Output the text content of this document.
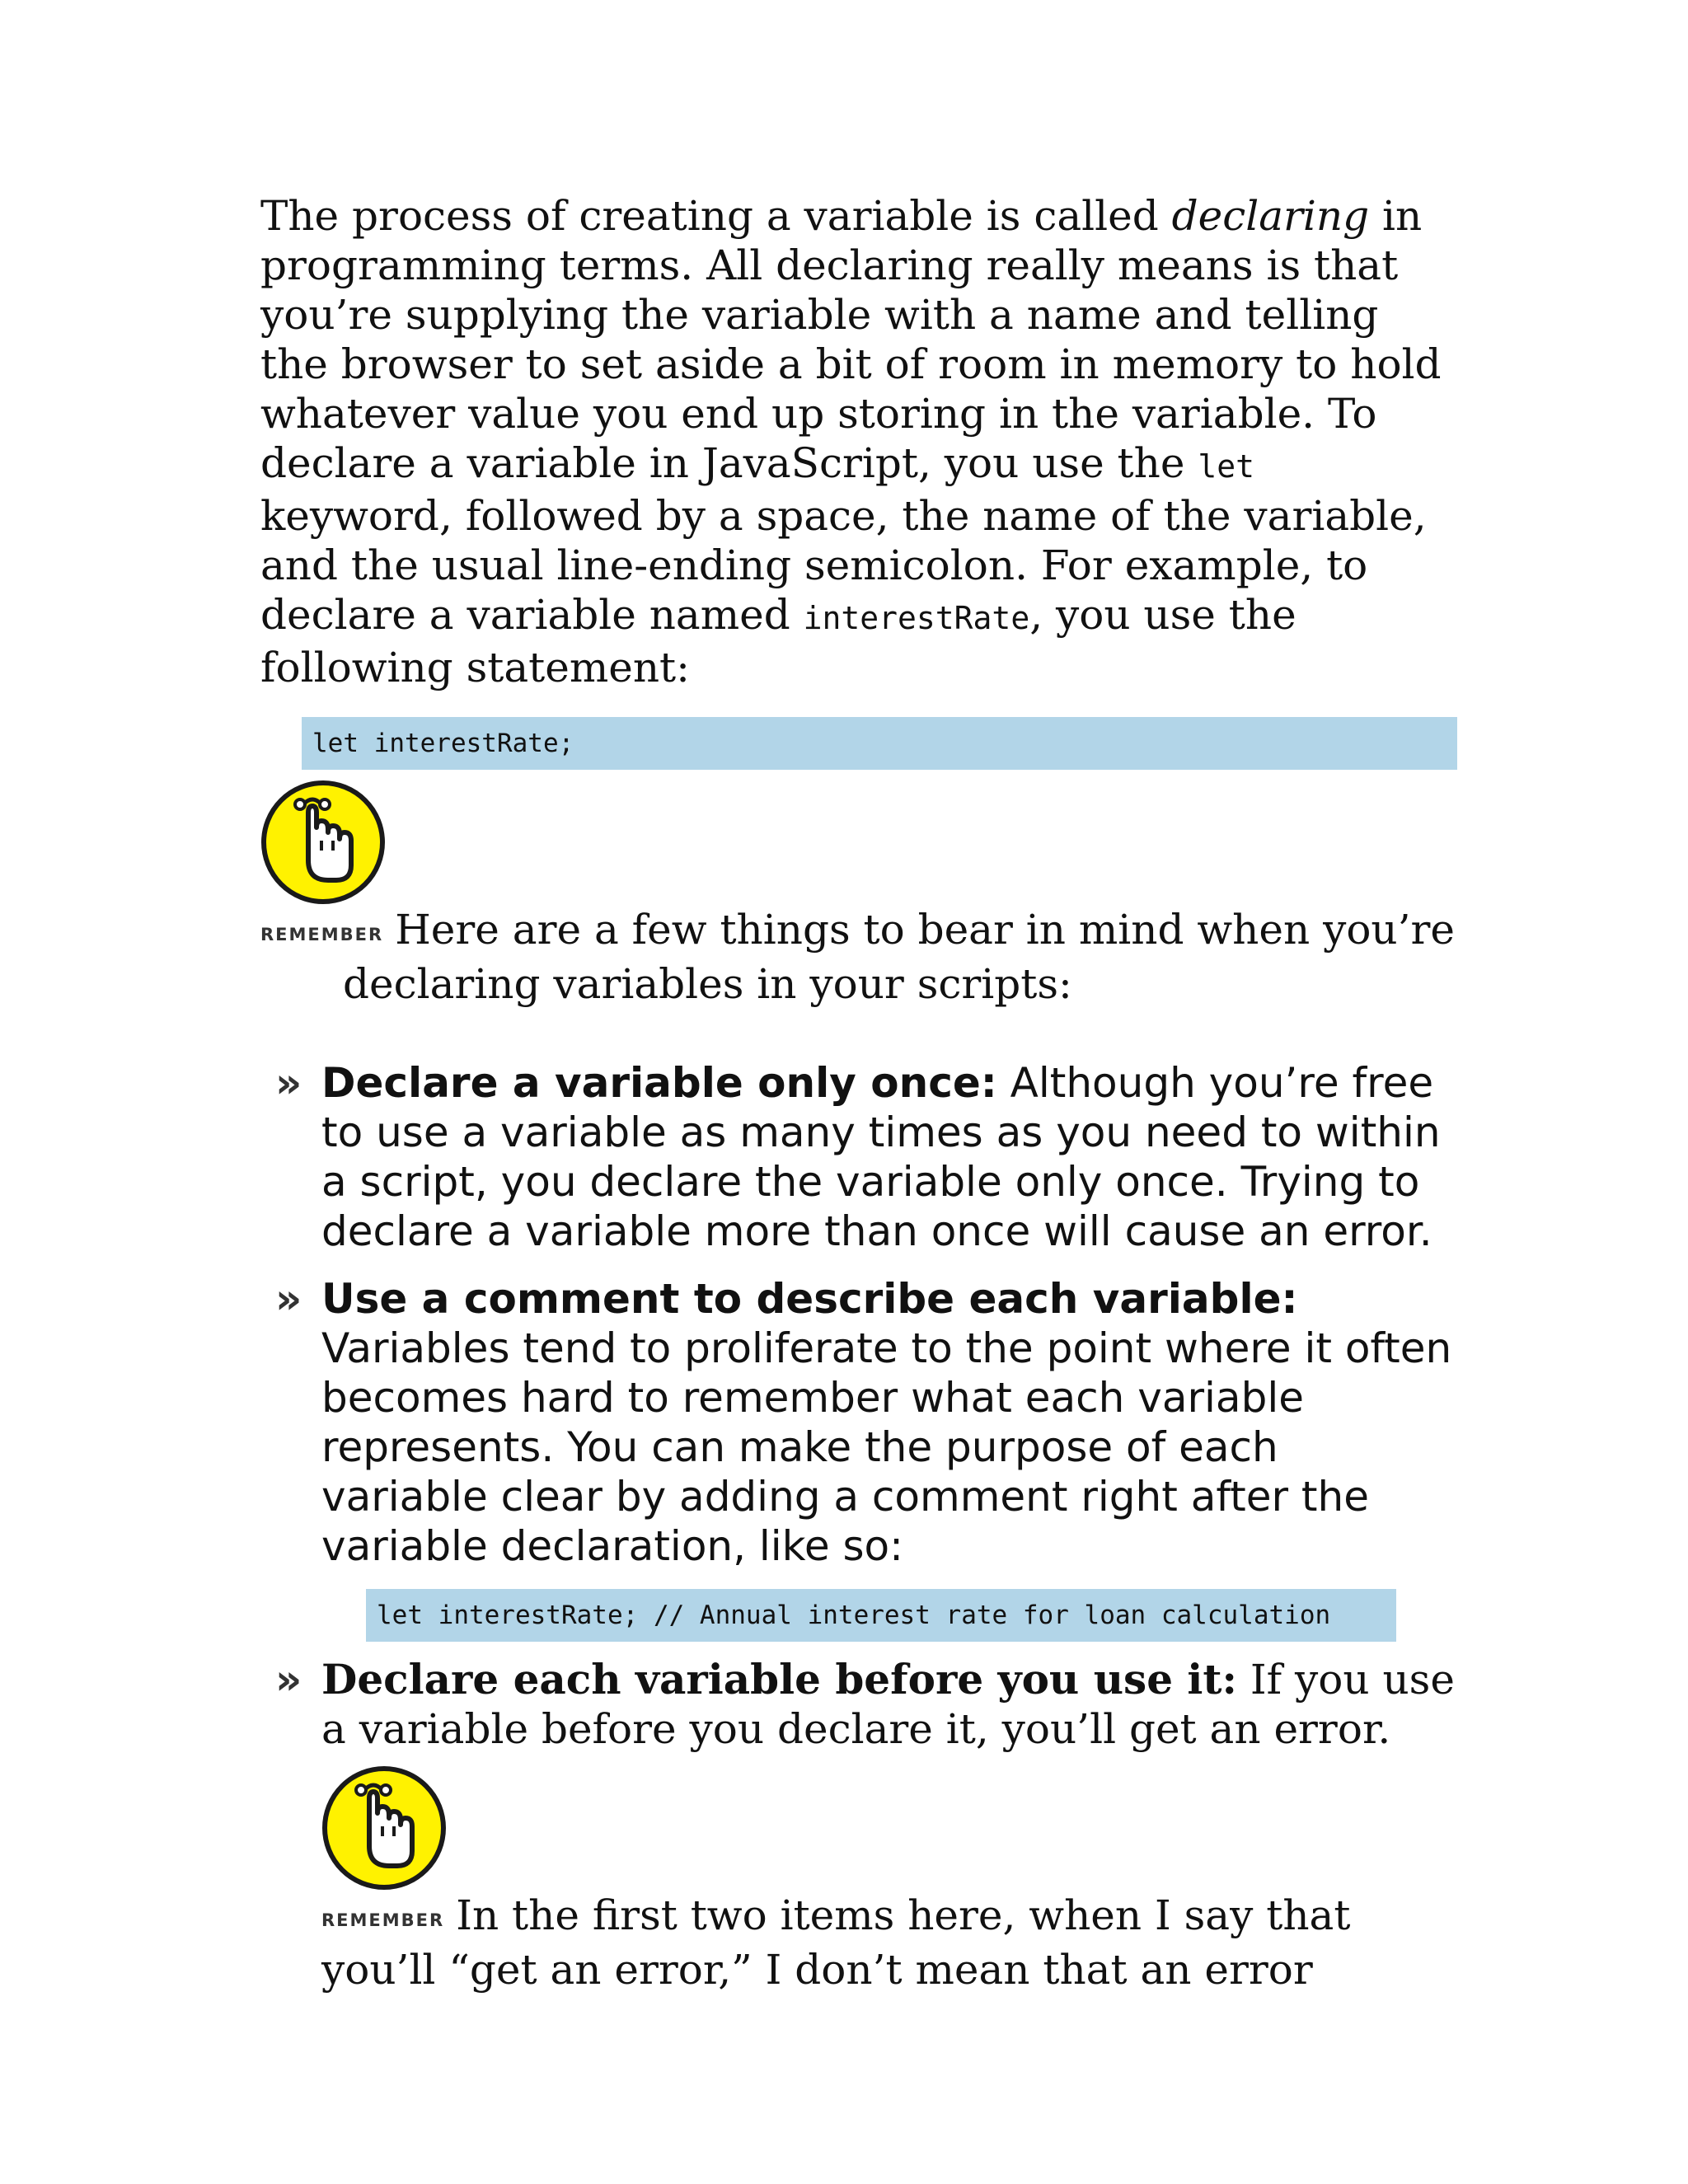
The process of creating a variable is called declaring in programming terms. All declaring really means is that you’re supplying the variable with a name and telling the browser to set aside a bit of room in memory to hold whatever value you end up storing in the variable. To declare a variable in JavaScript, you use the let keyword, followed by a space, the name of the variable, and the usual line-ending semicolon. For example, to declare a variable named interestRate, you use the following statement:

let interestRate;

REMEMBER Here are a few things to bear in mind when you’re declaring variables in your scripts:

» Declare a variable only once: Although you’re free to use a variable as many times as you need to within a script, you declare the variable only once. Trying to declare a variable more than once will cause an error.
» Use a comment to describe each variable: Variables tend to proliferate to the point where it often becomes hard to remember what each variable represents. You can make the purpose of each variable clear by adding a comment right after the variable declaration, like so:
let interestRate; // Annual interest rate for loan calculation
» Declare each variable before you use it: If you use a variable before you declare it, you’ll get an error.

REMEMBER In the first two items here, when I say that you’ll “get an error,” I don’t mean that an error
